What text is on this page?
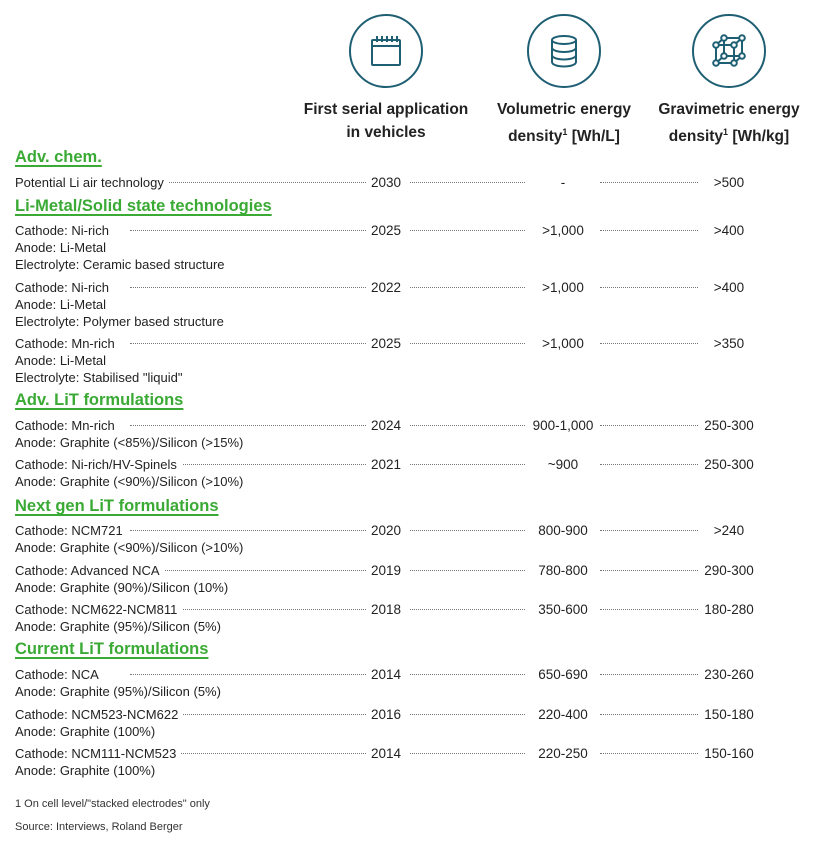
First serial application
in vehicles
Volumetric energy
density$^1$ [Wh/L]
Gravimetric energy
density$^1$ [Wh/kg]
Adv. chem.
Potential Li air technology	2030	-	>500
Li-Metal/Solid state technologies
Cathode: Ni-rich
Anode: Li-Metal
Electrolyte: Ceramic based structure
2025	>1,000	>400
Cathode: Ni-rich
Anode: Li-Metal
Electrolyte: Polymer based structure
2022	>1,000	>400
Cathode: Mn-rich
Anode: Li-Metal
Electrolyte: Stabilised "liquid"
2025	>1,000	>350
Adv. LiT formulations
Cathode: Mn-rich
Anode: Graphite (<85%)/Silicon (>15%)
2024	900-1,000	250-300
Cathode: Ni-rich/HV-Spinels
Anode: Graphite (<90%)/Silicon (>10%)
2021	~900	250-300
Next gen LiT formulations
Cathode: NCM721
Anode: Graphite (<90%)/Silicon (>10%)
2020	800-900	>240
Cathode: Advanced NCA
Anode: Graphite (90%)/Silicon (10%)
2019	780-800	290-300
Cathode: NCM622-NCM811
Anode: Graphite (95%)/Silicon (5%)
2018	350-600	180-280
Current LiT formulations
Cathode: NCA
Anode: Graphite (95%)/Silicon (5%)
2014	650-690	230-260
Cathode: NCM523-NCM622
Anode: Graphite (100%)
2016	220-400	150-180
Cathode: NCM111-NCM523
Anode: Graphite (100%)
2014	220-250	150-160
1 On cell level/"stacked electrodes" only
Source: Interviews, Roland Berger
